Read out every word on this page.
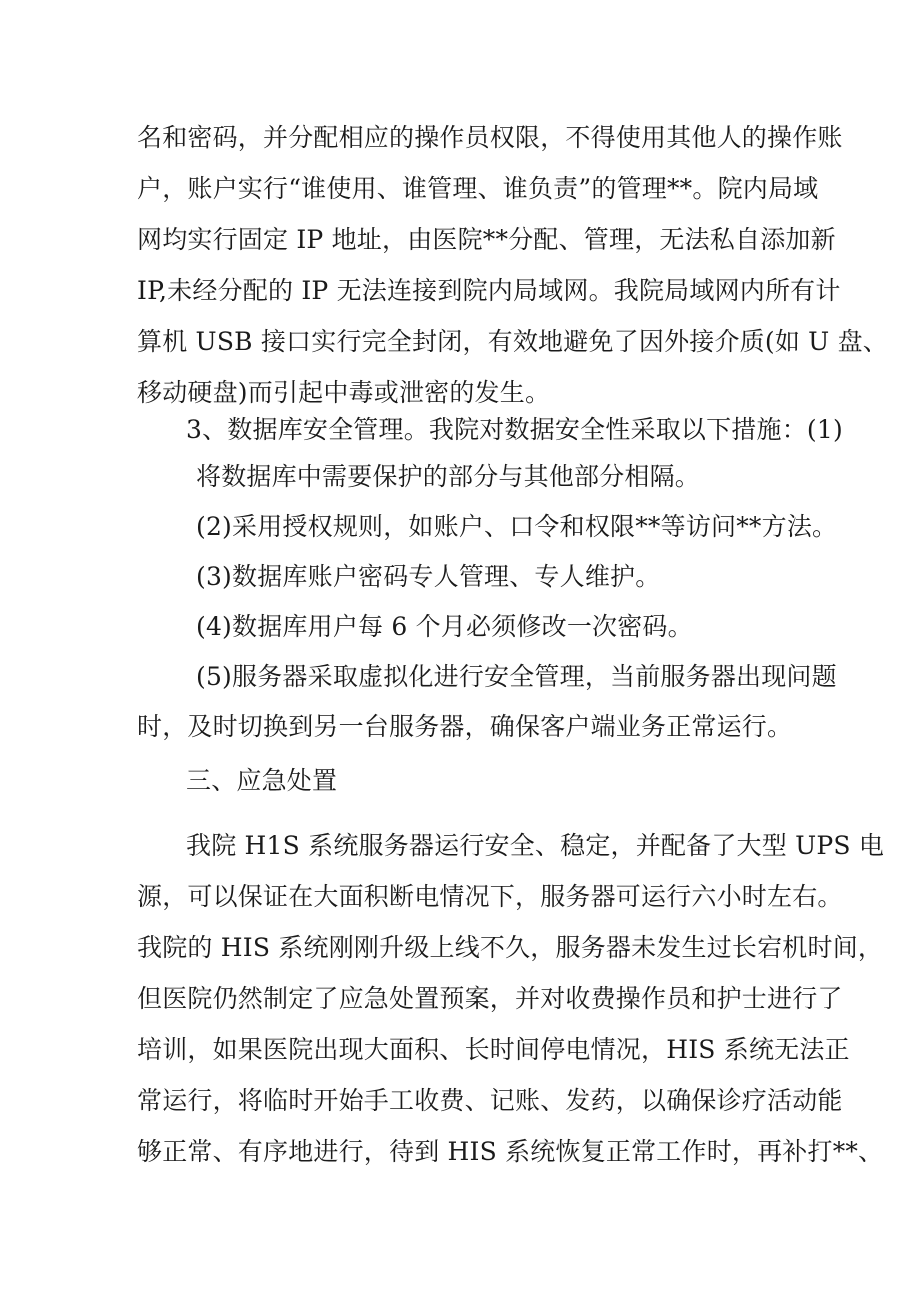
名和密码，并分配相应的操作员权限，不得使用其他人的操作账
户，账户实行“谁使用、谁管理、谁负责”的管理**。院内局域
网均实行固定 IP 地址，由医院**分配、管理，无法私自添加新
IP,未经分配的 IP 无法连接到院内局域网。我院局域网内所有计
算机 USB 接口实行完全封闭，有效地避免了因外接介质(如 U 盘、
移动硬盘)而引起中毒或泄密的发生。
3、数据库安全管理。我院对数据安全性采取以下措施：(1)
将数据库中需要保护的部分与其他部分相隔。
(2)采用授权规则，如账户、口令和权限**等访问**方法。
(3)数据库账户密码专人管理、专人维护。
(4)数据库用户每 6 个月必须修改一次密码。
(5)服务器采取虚拟化进行安全管理，当前服务器出现问题
时，及时切换到另一台服务器，确保客户端业务正常运行。
三、应急处置
我院 H1S 系统服务器运行安全、稳定，并配备了大型 UPS 电
源，可以保证在大面积断电情况下，服务器可运行六小时左右。
我院的 HIS 系统刚刚升级上线不久，服务器未发生过长宕机时间，
但医院仍然制定了应急处置预案，并对收费操作员和护士进行了
培训，如果医院出现大面积、长时间停电情况，HIS 系统无法正
常运行，将临时开始手工收费、记账、发药，以确保诊疗活动能
够正常、有序地进行，待到 HIS 系统恢复正常工作时，再补打**、
